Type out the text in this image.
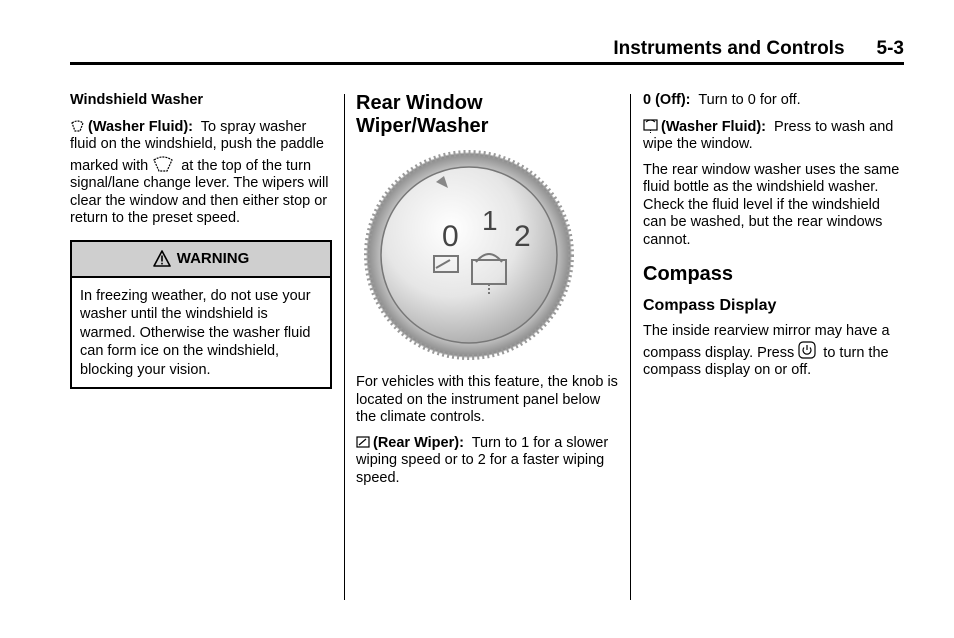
Instruments and Controls 5-3
Windshield Washer

(Washer Fluid): To spray washer fluid on the windshield, push the paddle marked with at the top of the turn signal/lane change lever. The wipers will clear the window and then either stop or return to the preset speed.

WARNING
In freezing weather, do not use your washer until the windshield is warmed. Otherwise the washer fluid can form ice on the windshield, blocking your vision.
Rear Window Wiper/Washer
0 1 2

For vehicles with this feature, the knob is located on the instrument panel below the climate controls.

(Rear Wiper): Turn to 1 for a slower wiping speed or to 2 for a faster wiping speed.

0 (Off): Turn to 0 for off.

(Washer Fluid): Press to wash and wipe the window.

The rear window washer uses the same fluid bottle as the windshield washer. Check the fluid level if the windshield can be washed, but the rear windows cannot.

Compass
Compass Display

The inside rearview mirror may have a compass display. Press to turn the compass display on or off.
